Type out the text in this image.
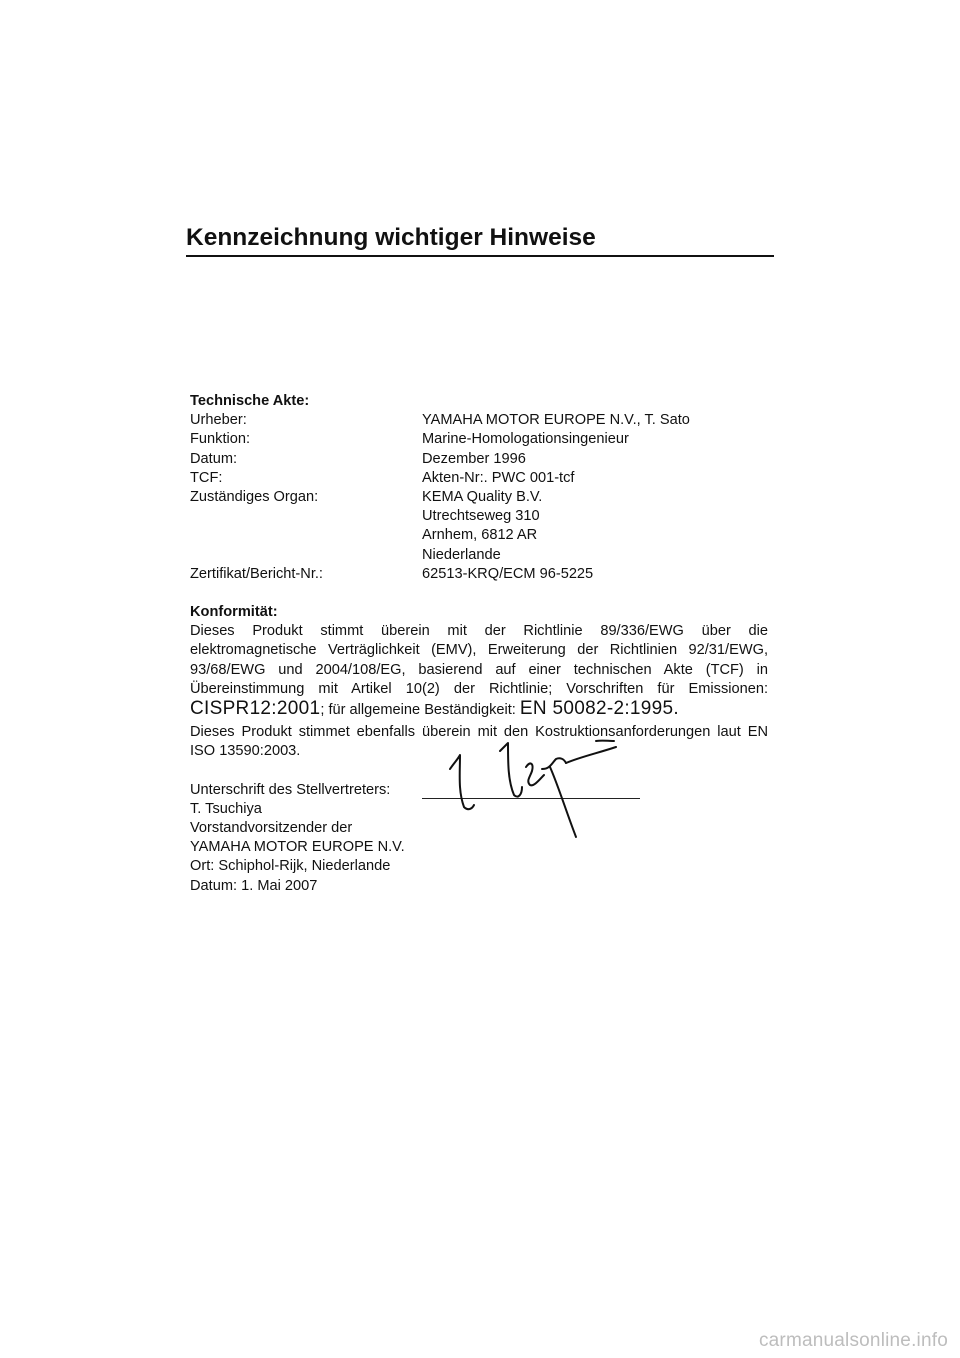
Kennzeichnung wichtiger Hinweise
Technische Akte:
Urheber:	YAMAHA MOTOR EUROPE N.V., T. Sato
Funktion:	Marine-Homologationsingenieur
Datum:	Dezember 1996
TCF:	Akten-Nr:. PWC 001-tcf
Zuständiges Organ:	KEMA Quality B.V.
Utrechtseweg 310
Arnhem, 6812 AR
Niederlande
Zertifikat/Bericht-Nr.:	62513-KRQ/ECM 96-5225
Konformität:
Dieses Produkt stimmt überein mit der Richtlinie 89/336/EWG über die elektromagnetische Verträglichkeit (EMV), Erweiterung der Richtlinien 92/31/EWG, 93/68/EWG und 2004/108/EG, basierend auf einer technischen Akte (TCF) in Übereinstimmung mit Artikel 10(2) der Richtlinie; Vorschriften für Emissionen: CISPR12:2001; für allgemeine Beständigkeit: EN 50082-2:1995.
Dieses Produkt stimmet ebenfalls überein mit den Kostruktionsanforderungen laut EN ISO 13590:2003.
Unterschrift des Stellvertreters:
T. Tsuchiya
Vorstandvorsitzender der
YAMAHA MOTOR EUROPE N.V.
Ort: Schiphol-Rijk, Niederlande
Datum: 1. Mai 2007
carmanualsonline.info
